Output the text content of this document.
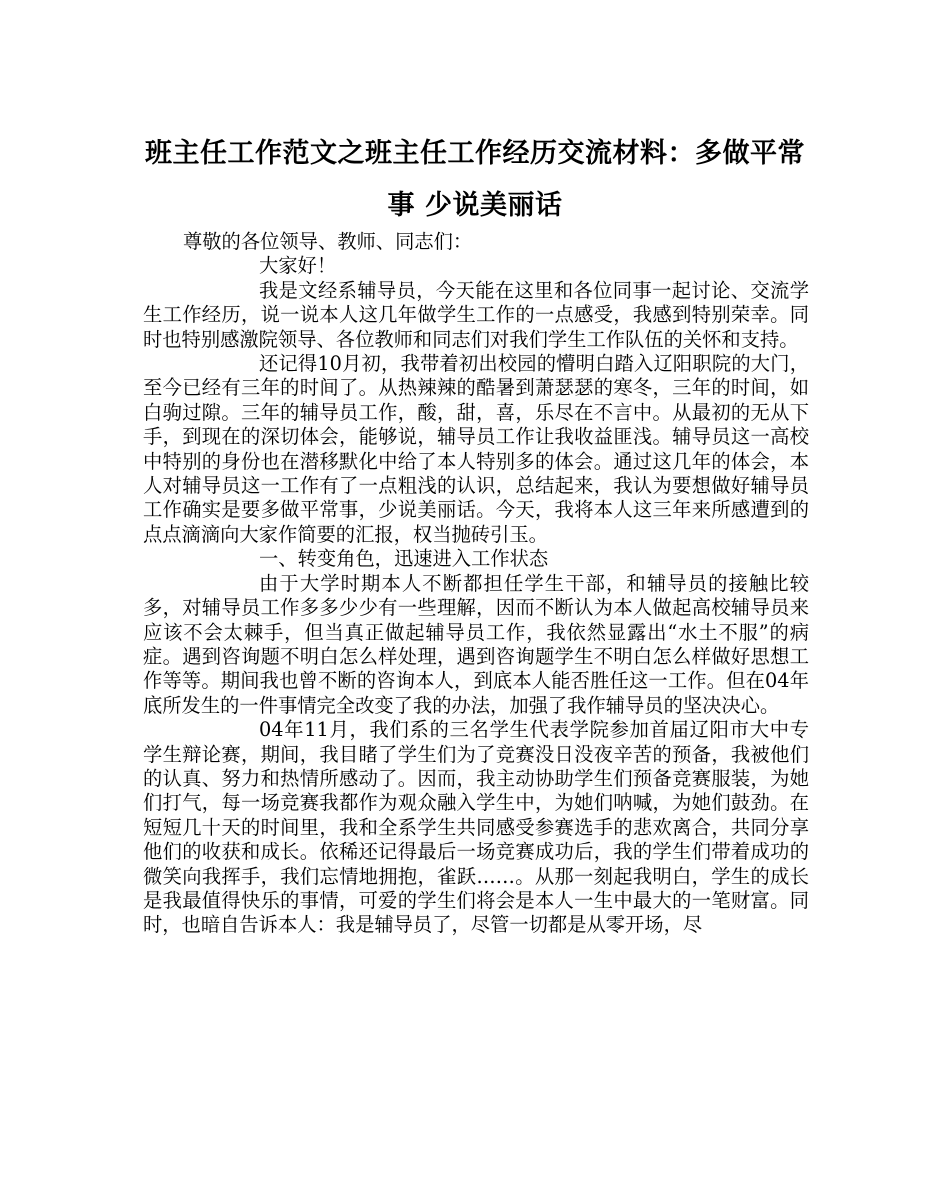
班主任工作范文之班主任工作经历交流材料：多做平常
事 少说美丽话

尊敬的各位领导、教师、同志们：

大家好！

我是文经系辅导员，今天能在这里和各位同事一起讨论、交流学生工作经历，说一说本人这几年做学生工作的一点感受，我感到特别荣幸。同时也特别感激院领导、各位教师和同志们对我们学生工作队伍的关怀和支持。

还记得10月初，我带着初出校园的懵明白踏入辽阳职院的大门，至今已经有三年的时间了。从热辣辣的酷暑到萧瑟瑟的寒冬，三年的时间，如白驹过隙。三年的辅导员工作，酸，甜，喜，乐尽在不言中。从最初的无从下手，到现在的深切体会，能够说，辅导员工作让我收益匪浅。辅导员这一高校中特别的身份也在潜移默化中给了本人特别多的体会。通过这几年的体会，本人对辅导员这一工作有了一点粗浅的认识，总结起来，我认为要想做好辅导员工作确实是要多做平常事，少说美丽话。今天，我将本人这三年来所感遭到的点点滴滴向大家作简要的汇报，权当抛砖引玉。

一、转变角色，迅速进入工作状态

由于大学时期本人不断都担任学生干部，和辅导员的接触比较多，对辅导员工作多多少少有一些理解，因而不断认为本人做起高校辅导员来应该不会太棘手，但当真正做起辅导员工作，我依然显露出“水土不服”的病症。遇到咨询题不明白怎么样处理，遇到咨询题学生不明白怎么样做好思想工作等等。期间我也曾不断的咨询本人，到底本人能否胜任这一工作。但在04年底所发生的一件事情完全改变了我的办法，加强了我作辅导员的坚决决心。

04年11月，我们系的三名学生代表学院参加首届辽阳市大中专学生辩论赛，期间，我目睹了学生们为了竞赛没日没夜辛苦的预备，我被他们的认真、努力和热情所感动了。因而，我主动协助学生们预备竞赛服装，为她们打气，每一场竞赛我都作为观众融入学生中，为她们呐喊，为她们鼓劲。在短短几十天的时间里，我和全系学生共同感受参赛选手的悲欢离合，共同分享他们的收获和成长。依稀还记得最后一场竞赛成功后，我的学生们带着成功的微笑向我挥手，我们忘情地拥抱，雀跃……。从那一刻起我明白，学生的成长是我最值得快乐的事情，可爱的学生们将会是本人一生中最大的一笔财富。同时，也暗自告诉本人：我是辅导员了，尽管一切都是从零开场，尽
